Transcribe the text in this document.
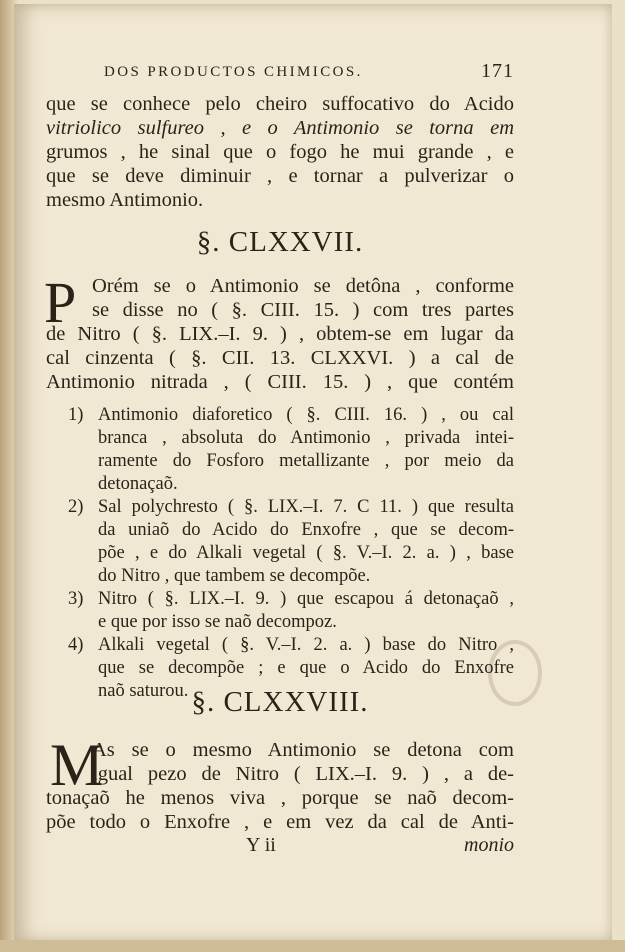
DOS PRODUCTOS CHIMICOS.	171
que se conhece pelo cheiro suffocativo do Acido
vitriolico sulfureo , e o Antimonio se torna em
grumos , he sinal que o fogo he mui grande , e
que se deve diminuir , e tornar a pulverizar o
mesmo Antimonio.
§. CLXXVII.
P Orém se o Antimonio se detôna , conforme
se disse no ( §. CIII. 15. ) com tres partes
de Nitro ( §. LIX.–I. 9. ) , obtem-se em lugar da
cal cinzenta ( §. CII. 13. CLXXVI. ) a cal de
Antimonio nitrada , ( CIII. 15. ) , que contém
1) Antimonio diaforetico ( §. CIII. 16. ) , ou cal
branca , absoluta do Antimonio , privada intei-
ramente do Fosforo metallizante , por meio da
detonaçaõ.
2) Sal polychresto ( §. LIX.–I. 7. C 11. ) que resulta
da uniaõ do Acido do Enxofre , que se decom-
põe , e do Alkali vegetal ( §. V.–I. 2. a. ) , base
do Nitro , que tambem se decompõe.
3) Nitro ( §. LIX.–I. 9. ) que escapou á detonaçaõ ,
e que por isso se naõ decompoz.
4) Alkali vegetal ( §. V.–I. 2. a. ) base do Nitro ,
que se decompõe ; e que o Acido do Enxofre
naõ saturou. §. CLXXVIII.
M
As se o mesmo Antimonio se detona com
igual pezo de Nitro ( LIX.–I. 9. ) , a de-
tonaçaõ he menos viva , porque se naõ decom-
põe todo o Enxofre , e em vez da cal de Anti-
Y ii	monio
